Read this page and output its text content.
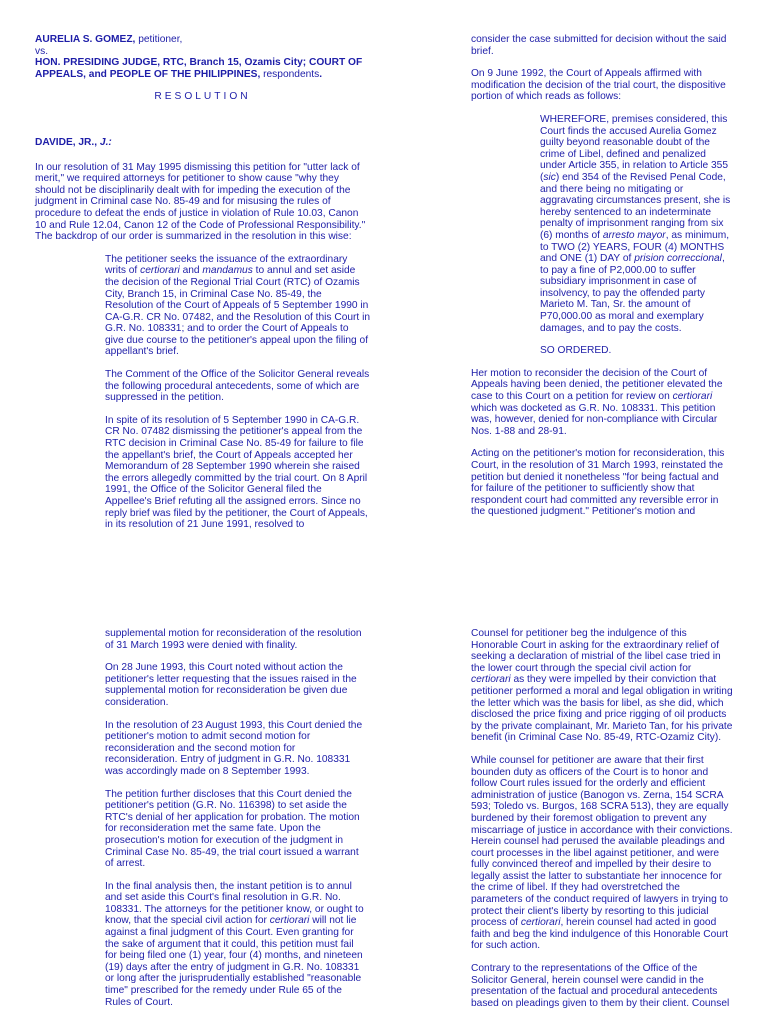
AURELIA S. GOMEZ, petitioner,

vs.

HON. PRESIDING JUDGE, RTC, Branch 15, Ozamis City; COURT OF APPEALS, and PEOPLE OF THE PHILIPPINES, respondents.

RESOLUTION

DAVIDE, JR., J.:

In our resolution of 31 May 1995 dismissing this petition for "utter lack of merit," we required attorneys for petitioner to show cause "why they should not be disciplinarily dealt with for impeding the execution of the judgment in Criminal case No. 85-49 and for misusing the rules of procedure to defeat the ends of justice in violation of Rule 10.03, Canon 10 and Rule 12.04, Canon 12 of the Code of Professional Responsibility." The backdrop of our order is summarized in the resolution in this wise:

The petitioner seeks the issuance of the extraordinary writs of certiorari and mandamus to annul and set aside the decision of the Regional Trial Court (RTC) of Ozamis City, Branch 15, in Criminal Case No. 85-49, the Resolution of the Court of Appeals of 5 September 1990 in CA-G.R. CR No. 07482, and the Resolution of this Court in G.R. No. 108331; and to order the Court of Appeals to give due course to the petitioner's appeal upon the filing of appellant's brief.

The Comment of the Office of the Solicitor General reveals the following procedural antecedents, some of which are suppressed in the petition.

In spite of its resolution of 5 September 1990 in CA-G.R. CR No. 07482 dismissing the petitioner's appeal from the RTC decision in Criminal Case No. 85-49 for failure to file the appellant's brief, the Court of Appeals accepted her Memorandum of 28 September 1990 wherein she raised the errors allegedly committed by the trial court. On 8 April 1991, the Office of the Solicitor General filed the Appellee's Brief refuting all the assigned errors. Since no reply brief was filed by the petitioner, the Court of Appeals, in its resolution of 21 June 1991, resolved to

consider the case submitted for decision without the said brief.

On 9 June 1992, the Court of Appeals affirmed with modification the decision of the trial court, the dispositive portion of which reads as follows:

WHEREFORE, premises considered, this Court finds the accused Aurelia Gomez guilty beyond reasonable doubt of the crime of Libel, defined and penalized under Article 355, in relation to Article 355 (sic) end 354 of the Revised Penal Code, and there being no mitigating or aggravating circumstances present, she is hereby sentenced to an indeterminate penalty of imprisonment ranging from six (6) months of arresto mayor, as minimum, to TWO (2) YEARS, FOUR (4) MONTHS and ONE (1) DAY of prision correccional, to pay a fine of P2,000.00 to suffer subsidiary imprisonment in case of insolvency, to pay the offended party Marieto M. Tan, Sr. the amount of P70,000.00 as moral and exemplary damages, and to pay the costs.

SO ORDERED.

Her motion to reconsider the decision of the Court of Appeals having been denied, the petitioner elevated the case to this Court on a petition for review on certiorari which was docketed as G.R. No. 108331. This petition was, however, denied for non-compliance with Circular Nos. 1-88 and 28-91.

Acting on the petitioner's motion for reconsideration, this Court, in the resolution of 31 March 1993, reinstated the petition but denied it nonetheless "for being factual and for failure of the petitioner to sufficiently show that respondent court had committed any reversible error in the questioned judgment." Petitioner's motion and

supplemental motion for reconsideration of the resolution of 31 March 1993 were denied with finality.

On 28 June 1993, this Court noted without action the petitioner's letter requesting that the issues raised in the supplemental motion for reconsideration be given due consideration.

In the resolution of 23 August 1993, this Court denied the petitioner's motion to admit second motion for reconsideration and the second motion for reconsideration. Entry of judgment in G.R. No. 108331 was accordingly made on 8 September 1993.

The petition further discloses that this Court denied the petitioner's petition (G.R. No. 116398) to set aside the RTC's denial of her application for probation. The motion for reconsideration met the same fate. Upon the prosecution's motion for execution of the judgment in Criminal Case No. 85-49, the trial court issued a warrant of arrest.

In the final analysis then, the instant petition is to annul and set aside this Court's final resolution in G.R. No. 108331. The attorneys for the petitioner know, or ought to know, that the special civil action for certiorari will not lie against a final judgment of this Court. Even granting for the sake of argument that it could, this petition must fail for being filed one (1) year, four (4) months, and nineteen (19) days after the entry of judgment in G.R. No. 108331 or long after the jurisprudentially established "reasonable time" prescribed for the remedy under Rule 65 of the Rules of Court.

Counsel for petitioner beg the indulgence of this Honorable Court in asking for the extraordinary relief of seeking a declaration of mistrial of the libel case tried in the lower court through the special civil action for certiorari as they were impelled by their conviction that petitioner performed a moral and legal obligation in writing the letter which was the basis for libel, as she did, which disclosed the price fixing and price rigging of oil products by the private complainant, Mr. Marieto Tan, for his private benefit (in Criminal Case No. 85-49, RTC-Ozamiz City).

While counsel for petitioner are aware that their first bounden duty as officers of the Court is to honor and follow Court rules issued for the orderly and efficient administration of justice (Banogon vs. Zerna, 154 SCRA 593; Toledo vs. Burgos, 168 SCRA 513), they are equally burdened by their foremost obligation to prevent any miscarriage of justice in accordance with their convictions. Herein counsel had perused the available pleadings and court processes in the libel against petitioner, and were fully convinced thereof and impelled by their desire to legally assist the latter to substantiate her innocence for the crime of libel. If they had overstretched the parameters of the conduct required of lawyers in trying to protect their client's liberty by resorting to this judicial process of certiorari, herein counsel had acted in good faith and beg the kind indulgence of this Honorable Court for such action.

Contrary to the representations of the Office of the Solicitor General, herein counsel were candid in the presentation of the factual and procedural antecedents based on pleadings given to them by their client. Counsel
